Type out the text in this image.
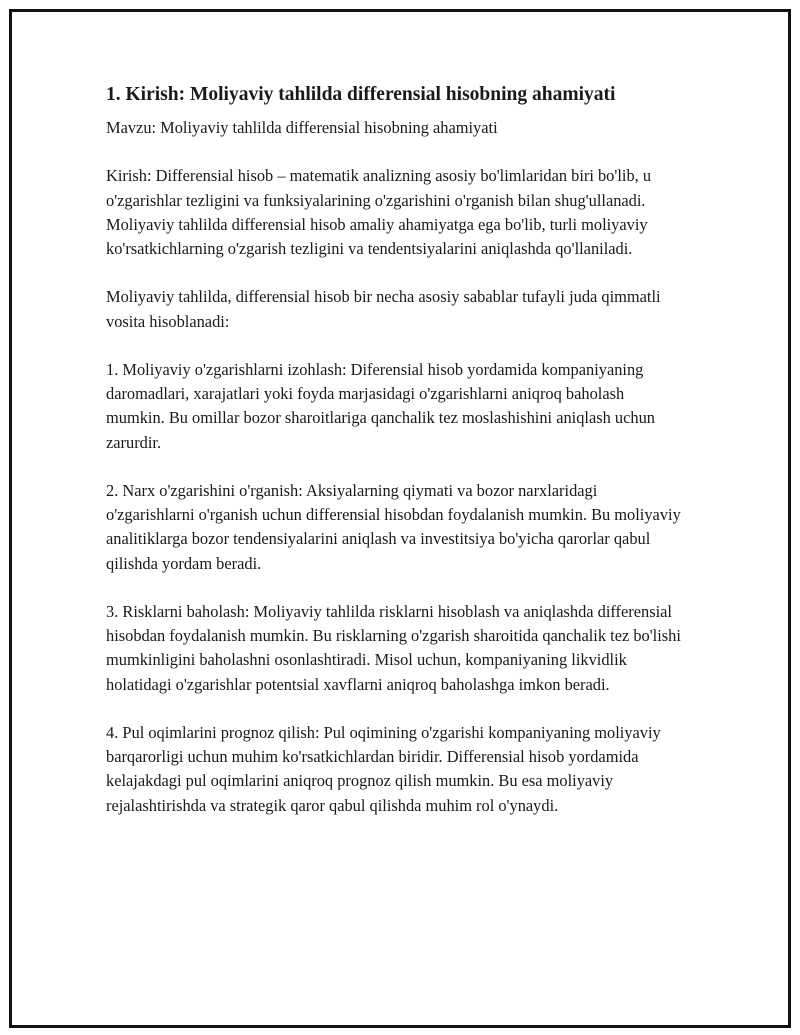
1. Kirish: Moliyaviy tahlilda differensial hisobning ahamiyati

Mavzu: Moliyaviy tahlilda differensial hisobning ahamiyati

Kirish: Differensial hisob – matematik analizning asosiy bo'limlaridan biri bo'lib, u o'zgarishlar tezligini va funksiyalarining o'zgarishini o'rganish bilan shug'ullanadi. Moliyaviy tahlilda differensial hisob amaliy ahamiyatga ega bo'lib, turli moliyaviy ko'rsatkichlarning o'zgarish tezligini va tendentsiyalarini aniqlashda qo'llaniladi.

Moliyaviy tahlilda, differensial hisob bir necha asosiy sabablar tufayli juda qimmatli vosita hisoblanadi:

1. Moliyaviy o'zgarishlarni izohlash: Diferensial hisob yordamida kompaniyaning daromadlari, xarajatlari yoki foyda marjasidagi o'zgarishlarni aniqroq baholash mumkin. Bu omillar bozor sharoitlariga qanchalik tez moslashishini aniqlash uchun zarurdir.

2. Narx o'zgarishini o'rganish: Aksiyalarning qiymati va bozor narxlaridagi o'zgarishlarni o'rganish uchun differensial hisobdan foydalanish mumkin. Bu moliyaviy analitiklarga bozor tendensiyalarini aniqlash va investitsiya bo'yicha qarorlar qabul qilishda yordam beradi.

3. Risklarni baholash: Moliyaviy tahlilda risklarni hisoblash va aniqlashda differensial hisobdan foydalanish mumkin. Bu risklarning o'zgarish sharoitida qanchalik tez bo'lishi mumkinligini baholashni osonlashtiradi. Misol uchun, kompaniyaning likvidlik holatidagi o'zgarishlar potentsial xavflarni aniqroq baholashga imkon beradi.

4. Pul oqimlarini prognoz qilish: Pul oqimining o'zgarishi kompaniyaning moliyaviy barqarorligi uchun muhim ko'rsatkichlardan biridir. Differensial hisob yordamida kelajakdagi pul oqimlarini aniqroq prognoz qilish mumkin. Bu esa moliyaviy rejalashtirishda va strategik qaror qabul qilishda muhim rol o'ynaydi.
